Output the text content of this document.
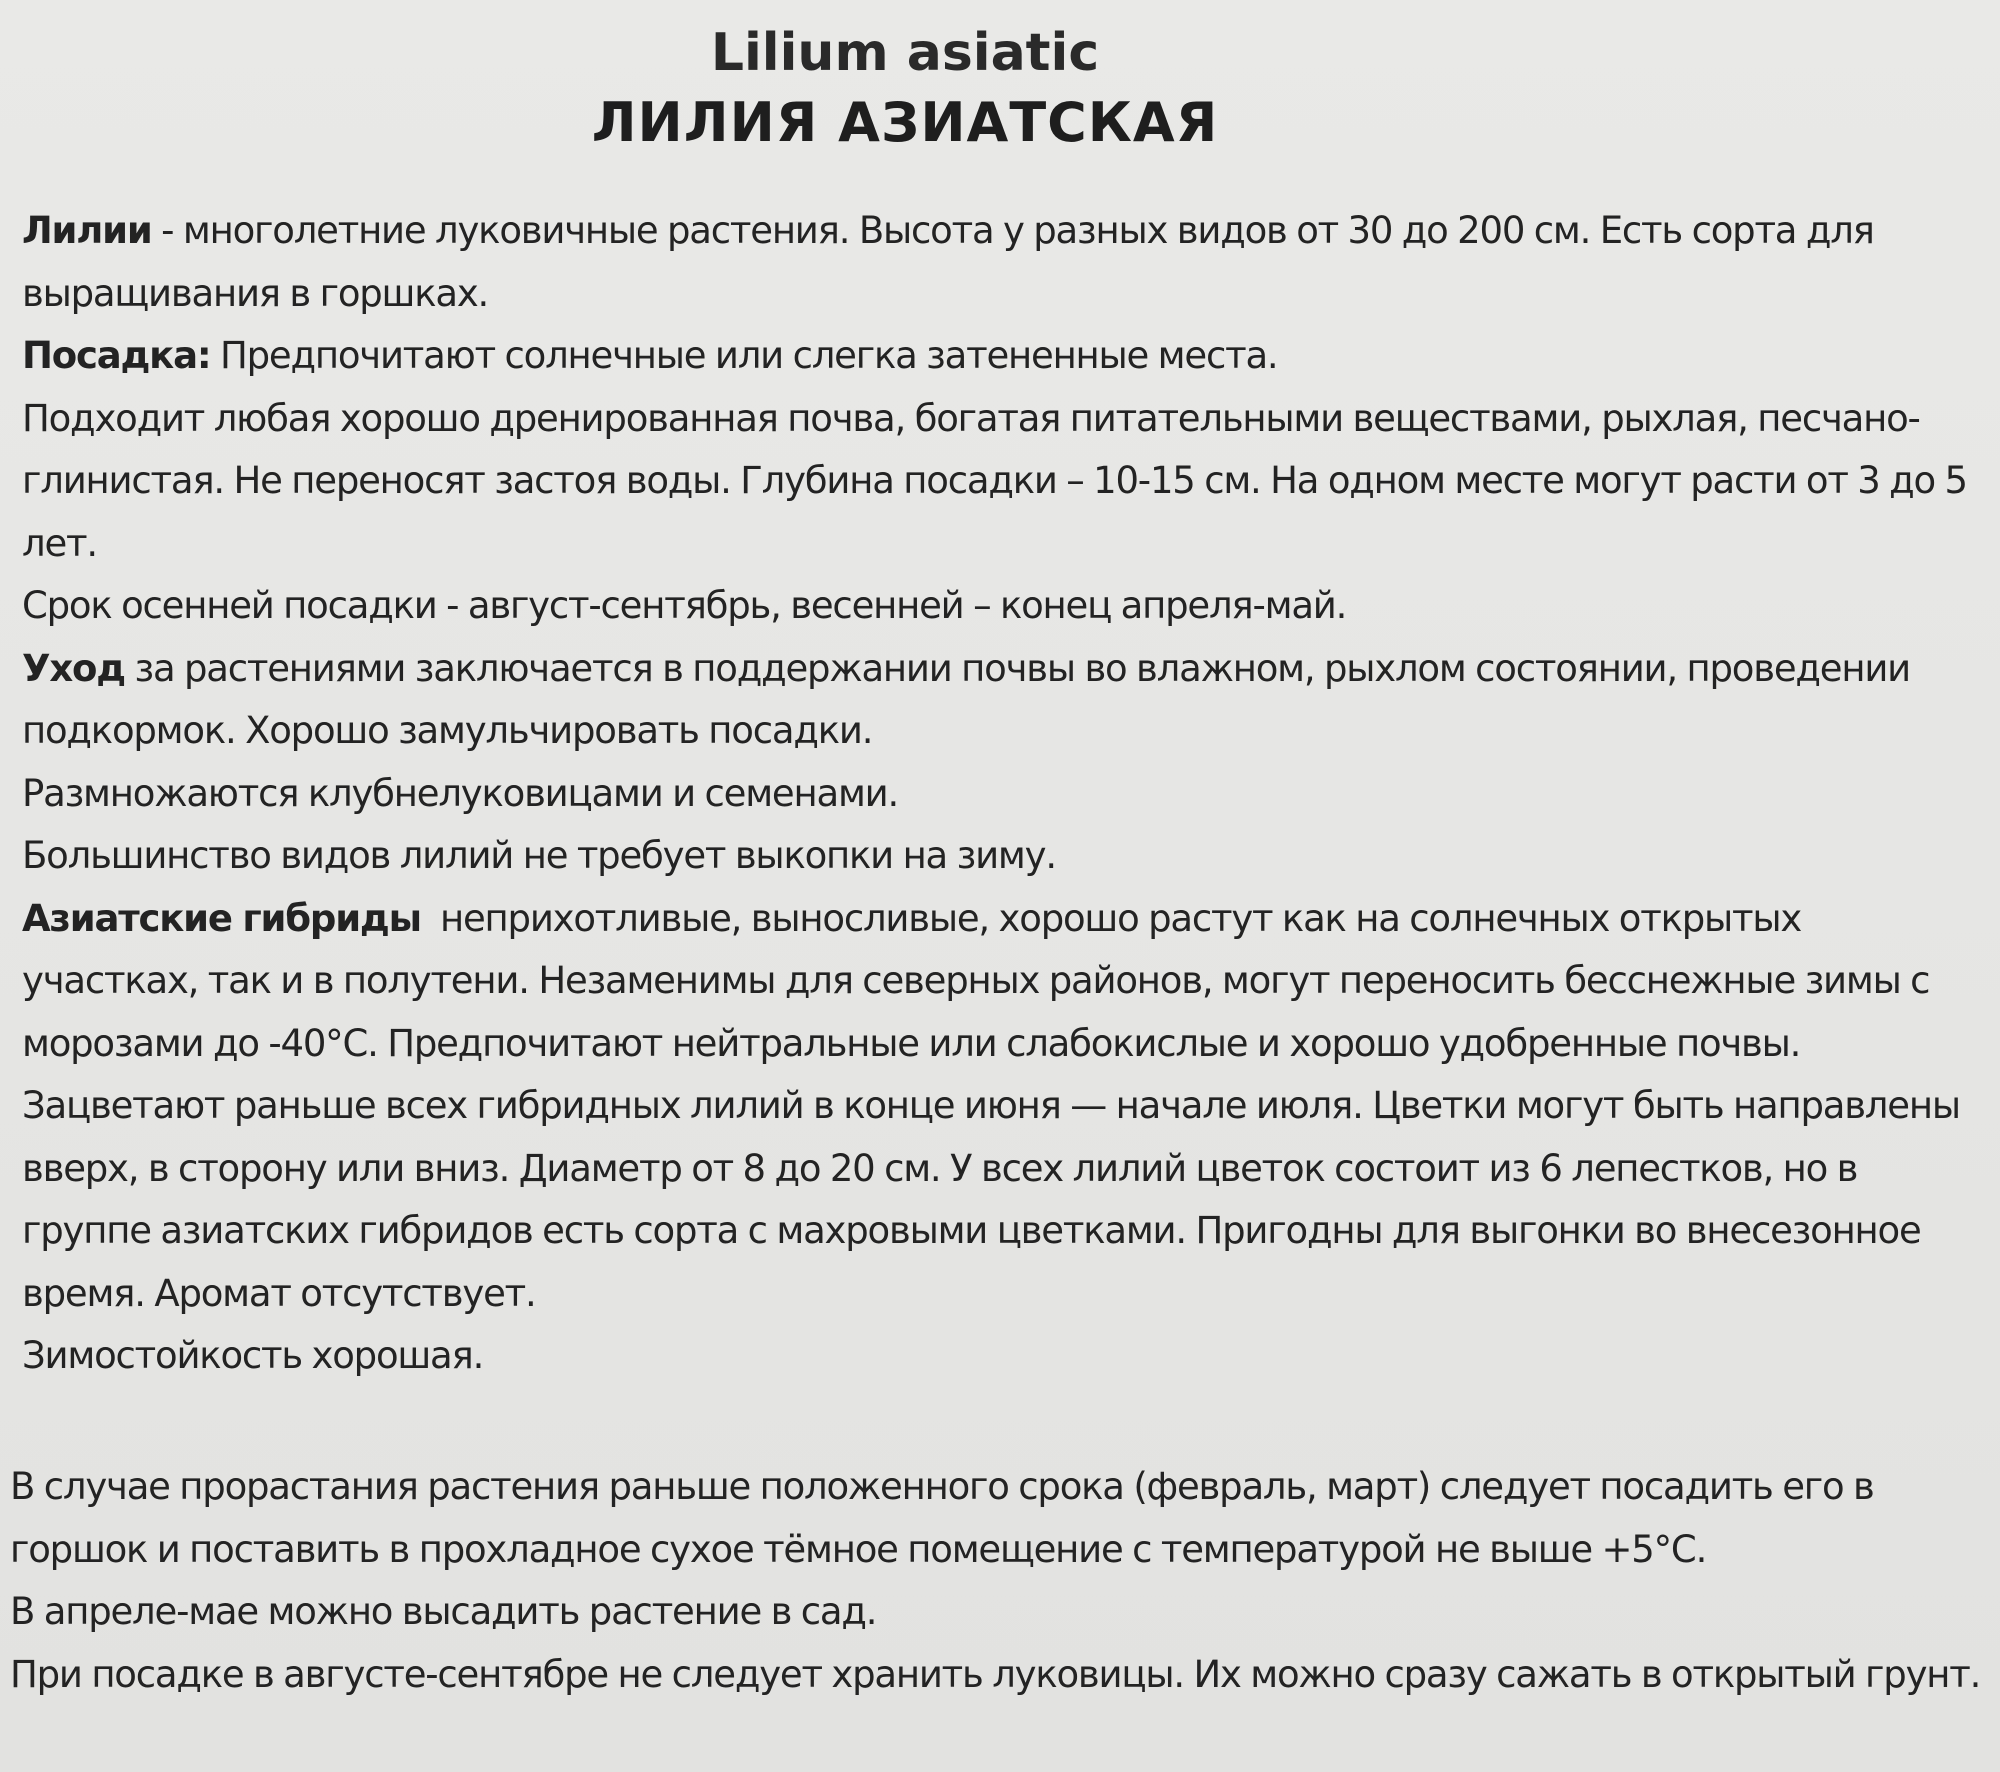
Lilium asiatic
ЛИЛИЯ АЗИАТСКАЯ

Лилии - многолетние луковичные растения. Высота у разных видов от 30 до 200 см. Есть сорта для выращивания в горшках.

Посадка: Предпочитают солнечные или слегка затененные места.

Подходит любая хорошо дренированная почва, богатая питательными веществами, рыхлая, песчано-глинистая. Не переносят застоя воды. Глубина посадки – 10-15 см. На одном месте могут расти от 3 до 5 лет.

Срок осенней посадки - август-сентябрь, весенней – конец апреля-май.

Уход за растениями заключается в поддержании почвы во влажном, рыхлом состоянии, проведении подкормок. Хорошо замульчировать посадки.

Размножаются клубнелуковицами и семенами.

Большинство видов лилий не требует выкопки на зиму.

Азиатские гибриды неприхотливые, выносливые, хорошо растут как на солнечных открытых участках, так и в полутени. Незаменимы для северных районов, могут переносить бесснежные зимы с морозами до -40°С. Предпочитают нейтральные или слабокислые и хорошо удобренные почвы. Зацветают раньше всех гибридных лилий в конце июня — начале июля. Цветки могут быть направлены вверх, в сторону или вниз. Диаметр от 8 до 20 см. У всех лилий цветок состоит из 6 лепестков, но в группе азиатских гибридов есть сорта с махровыми цветками. Пригодны для выгонки во внесезонное время. Аромат отсутствует.

Зимостойкость хорошая.

В случае прорастания растения раньше положенного срока (февраль, март) следует посадить его в горшок и поставить в прохладное сухое тёмное помещение с температурой не выше +5°С.

В апреле-мае можно высадить растение в сад.

При посадке в августе-сентябре не следует хранить луковицы. Их можно сразу сажать в открытый грунт.
